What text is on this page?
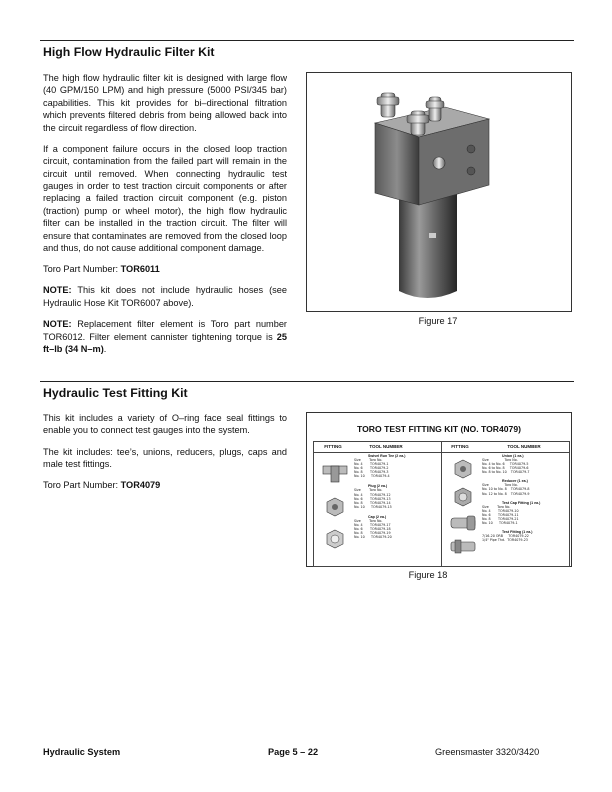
High Flow Hydraulic Filter Kit

The high flow hydraulic filter kit is designed with large flow (40 GPM/150 LPM) and high pressure (5000 PSI/345 bar) capabilities. This kit provides for bi–directional filtration which prevents filtered debris from being allowed back into the circuit regardless of flow direction.

If a component failure occurs in the closed loop traction circuit, contamination from the failed part will remain in the circuit until removed. When connecting hydraulic test gauges in order to test traction circuit components or after replacing a failed traction circuit component (e.g. piston (traction) pump or wheel motor), the high flow hydraulic filter can be installed in the traction circuit. The filter will ensure that contaminates are removed from the closed loop and thus, do not cause additional component damage.

Toro Part Number: TOR6011

NOTE: This kit does not include hydraulic hoses (see Hydraulic Hose Kit TOR6007 above).

NOTE: Replacement filter element is Toro part number TOR6012. Filter element cannister tightening torque is 25 ft–lb (34 N–m).

Figure 17
Hydraulic Test Fitting Kit

This kit includes a variety of O–ring face seal fittings to enable you to connect test gauges into the system.

The kit includes: tee’s, unions, reducers, plugs, caps and male test fittings.

Toro Part Number: TOR4079

TORO TEST FITTING KIT (NO. TOR4079)
FITTING	TOOL NUMBER	FITTING	TOOL NUMBER
Swivel Run Tee (2 ea.)
Size        Toro No.
No. 4       TOR4079-1
No. 6       TOR4079-2
No. 8       TOR4079-3
No. 10      TOR4079-4
Plug (2 ea.)
Size        Toro No.
No. 4       TOR4079-12
No. 6       TOR4079-13
No. 8       TOR4079-14
No. 10      TOR4079-15
Cap (2 ea.)
Size        Toro No.
No. 4       TOR4079-17
No. 6       TOR4079-18
No. 8       TOR4079-19
No. 10      TOR4079-20
Union (1 ea.)
Size               Toro No.
No. 4 to No. 6     TOR4079-5
No. 6 to No. 8     TOR4079-6
No. 8 to No. 10    TOR4079-7
Reducer (1 ea.)
Size               Toro No.
No. 10 to No. 8    TOR4079-8
No. 12 to No. 8    TOR4079-9
Test Cap Fitting (1 ea.)
Size        Toro No.
No. 4       TOR4079-10
No. 6       TOR4079-11
No. 8       TOR4079-21
No. 10      TOR4079-1
Test Fitting (1 ea.)
7/16-20 ORB     TOR4079-22
1/4" Pipe Thd.  TOR4079-23
Figure 18
Hydraulic System	Page 5 – 22	Greensmaster 3320/3420
